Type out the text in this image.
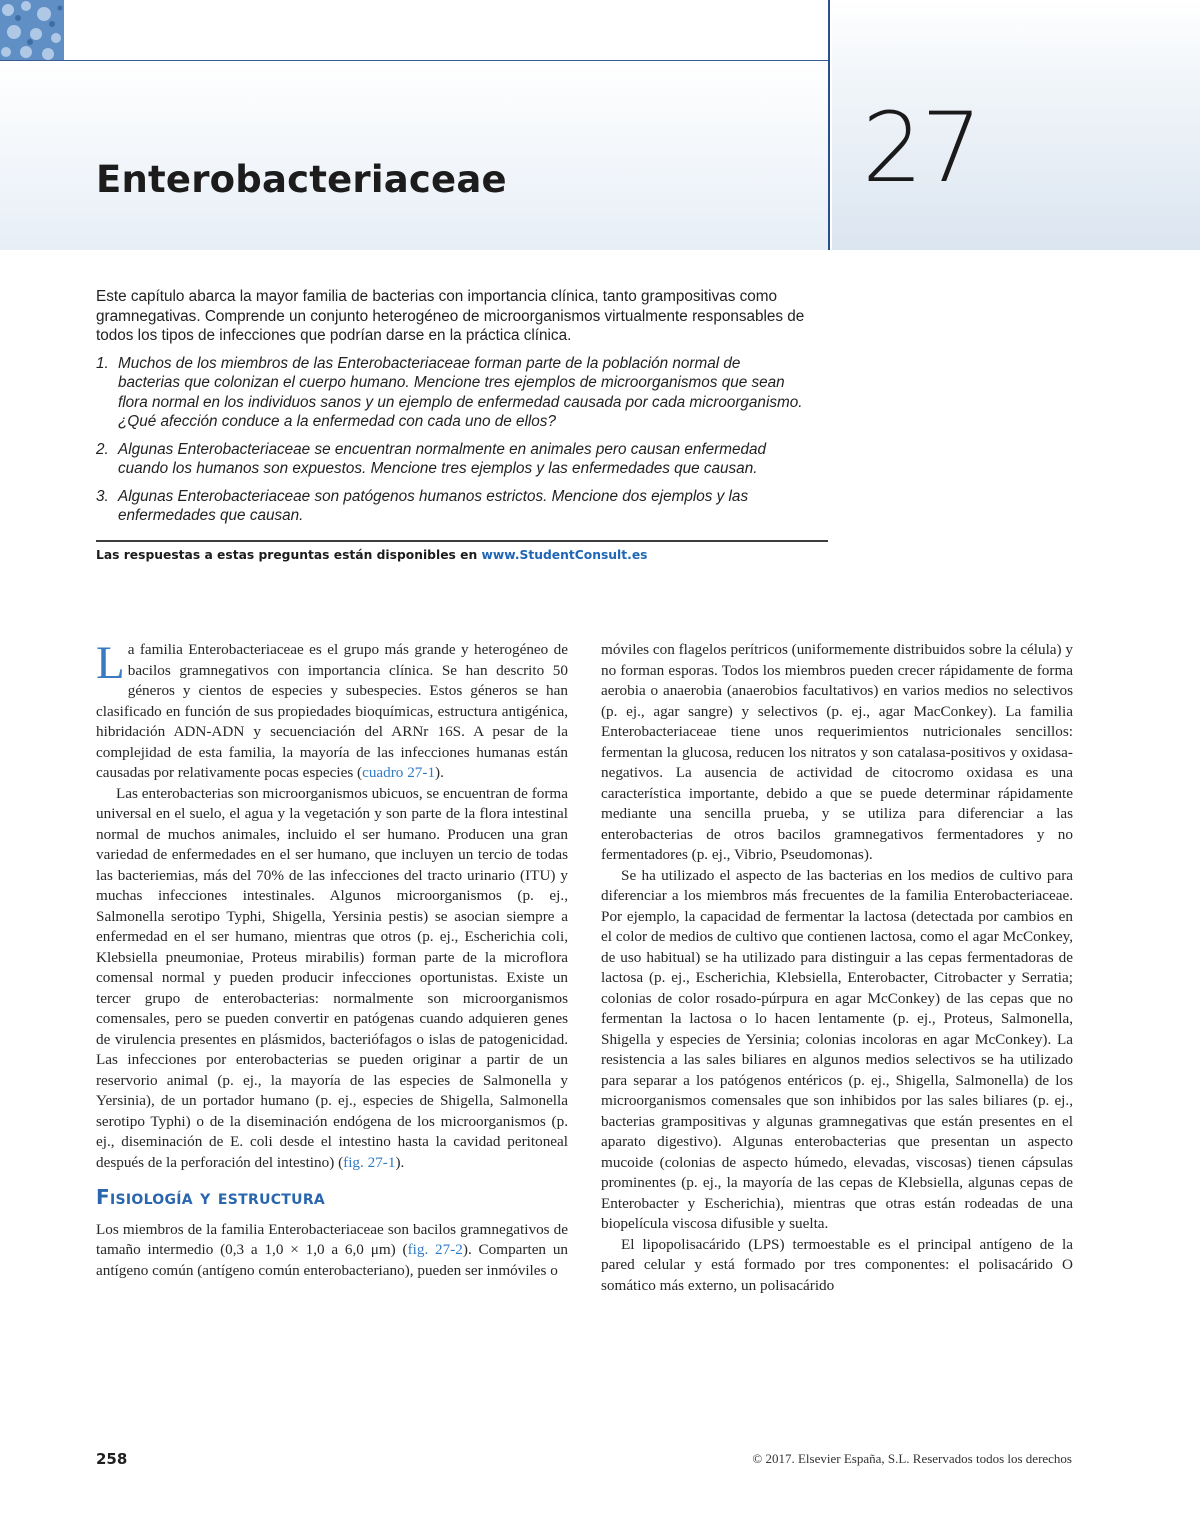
Enterobacteriaceae	27

Este capítulo abarca la mayor familia de bacterias con importancia clínica, tanto grampositivas como gramnegativas. Comprende un conjunto heterogéneo de microorganismos virtualmente responsables de todos los tipos de infecciones que podrían darse en la práctica clínica.

1. Muchos de los miembros de las Enterobacteriaceae forman parte de la población normal de bacterias que colonizan el cuerpo humano. Mencione tres ejemplos de microorganismos que sean flora normal en los individuos sanos y un ejemplo de enfermedad causada por cada microorganismo. ¿Qué afección conduce a la enfermedad con cada uno de ellos?
2. Algunas Enterobacteriaceae se encuentran normalmente en animales pero causan enfermedad cuando los humanos son expuestos. Mencione tres ejemplos y las enfermedades que causan.
3. Algunas Enterobacteriaceae son patógenos humanos estrictos. Mencione dos ejemplos y las enfermedades que causan.
Las respuestas a estas preguntas están disponibles en www.StudentConsult.es

La familia Enterobacteriaceae es el grupo más grande y heterogéneo de bacilos gramnegativos con importancia clínica. Se han descrito 50 géneros y cientos de especies y subespecies. Estos géneros se han clasificado en función de sus propiedades bioquímicas, estructura antigénica, hibridación ADN-ADN y secuenciación del ARNr 16S. A pesar de la complejidad de esta familia, la mayoría de las infecciones humanas están causadas por relativamente pocas especies (cuadro 27-1).

Las enterobacterias son microorganismos ubicuos, se encuentran de forma universal en el suelo, el agua y la vegetación y son parte de la flora intestinal normal de muchos animales, incluido el ser humano. Producen una gran variedad de enfermedades en el ser humano, que incluyen un tercio de todas las bacteriemias, más del 70% de las infecciones del tracto urinario (ITU) y muchas infecciones intestinales. Algunos microorganismos (p. ej., Salmonella serotipo Typhi, Shigella, Yersinia pestis) se asocian siempre a enfermedad en el ser humano, mientras que otros (p. ej., Escherichia coli, Klebsiella pneumoniae, Proteus mirabilis) forman parte de la microflora comensal normal y pueden producir infecciones oportunistas. Existe un tercer grupo de enterobacterias: normalmente son microorganismos comensales, pero se pueden convertir en patógenas cuando adquieren genes de virulencia presentes en plásmidos, bacteriófagos o islas de patogenicidad. Las infecciones por enterobacterias se pueden originar a partir de un reservorio animal (p. ej., la mayoría de las especies de Salmonella y Yersinia), de un portador humano (p. ej., especies de Shigella, Salmonella serotipo Typhi) o de la diseminación endógena de los microorganismos (p. ej., diseminación de E. coli desde el intestino hasta la cavidad peritoneal después de la perforación del intestino) (fig. 27-1).

Fisiología y estructura

Los miembros de la familia Enterobacteriaceae son bacilos gramnegativos de tamaño intermedio (0,3 a 1,0 × 1,0 a 6,0 μm) (fig. 27-2). Comparten un antígeno común (antígeno común enterobacteriano), pueden ser inmóviles o

móviles con flagelos perítricos (uniformemente distribuidos sobre la célula) y no forman esporas. Todos los miembros pueden crecer rápidamente de forma aerobia o anaerobia (anaerobios facultativos) en varios medios no selectivos (p. ej., agar sangre) y selectivos (p. ej., agar MacConkey). La familia Enterobacteriaceae tiene unos requerimientos nutricionales sencillos: fermentan la glucosa, reducen los nitratos y son catalasa-positivos y oxidasa-negativos. La ausencia de actividad de citocromo oxidasa es una característica importante, debido a que se puede determinar rápidamente mediante una sencilla prueba, y se utiliza para diferenciar a las enterobacterias de otros bacilos gramnegativos fermentadores y no fermentadores (p. ej., Vibrio, Pseudomonas).

Se ha utilizado el aspecto de las bacterias en los medios de cultivo para diferenciar a los miembros más frecuentes de la familia Enterobacteriaceae. Por ejemplo, la capacidad de fermentar la lactosa (detectada por cambios en el color de medios de cultivo que contienen lactosa, como el agar McConkey, de uso habitual) se ha utilizado para distinguir a las cepas fermentadoras de lactosa (p. ej., Escherichia, Klebsiella, Enterobacter, Citrobacter y Serratia; colonias de color rosado-púrpura en agar McConkey) de las cepas que no fermentan la lactosa o lo hacen lentamente (p. ej., Proteus, Salmonella, Shigella y especies de Yersinia; colonias incoloras en agar McConkey). La resistencia a las sales biliares en algunos medios selectivos se ha utilizado para separar a los patógenos entéricos (p. ej., Shigella, Salmonella) de los microorganismos comensales que son inhibidos por las sales biliares (p. ej., bacterias grampositivas y algunas gramnegativas que están presentes en el aparato digestivo). Algunas enterobacterias que presentan un aspecto mucoide (colonias de aspecto húmedo, elevadas, viscosas) tienen cápsulas prominentes (p. ej., la mayoría de las cepas de Klebsiella, algunas cepas de Enterobacter y Escherichia), mientras que otras están rodeadas de una biopelícula viscosa difusible y suelta.

El lipopolisacárido (LPS) termoestable es el principal antígeno de la pared celular y está formado por tres componentes: el polisacárido O somático más externo, un polisacárido

258	© 2017. Elsevier España, S.L. Reservados todos los derechos
